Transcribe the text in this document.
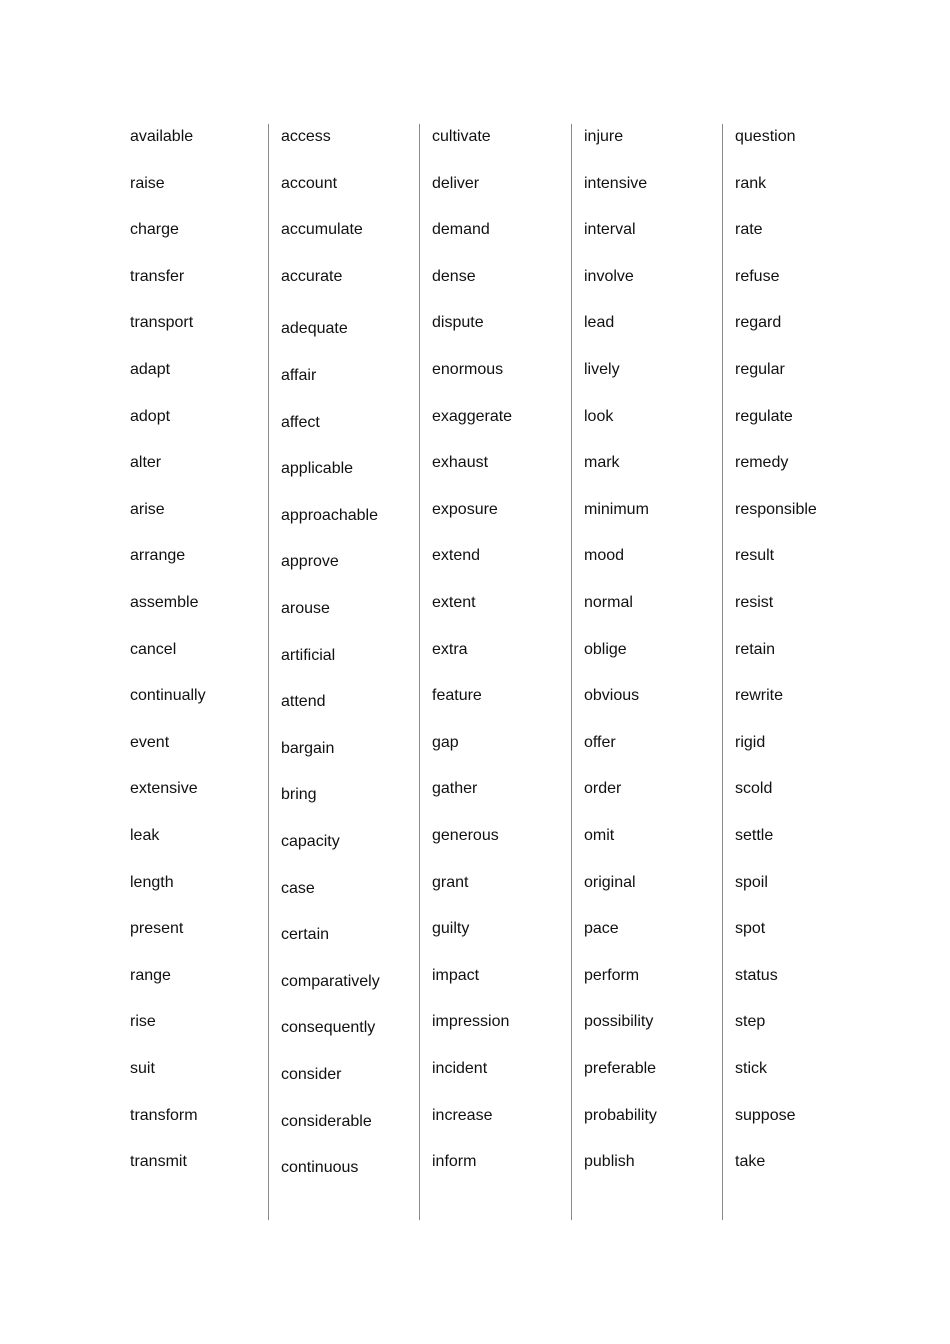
available
raise
charge
transfer
transport
adapt
adopt
alter
arise
arrange
assemble
cancel
continually
event
extensive
leak
length
present
range
rise
suit
transform
transmit
access
account
accumulate
accurate
adequate
affair
affect
applicable
approachable
approve
arouse
artificial
attend
bargain
bring
capacity
case
certain
comparatively
consequently
consider
considerable
continuous
cultivate
deliver
demand
dense
dispute
enormous
exaggerate
exhaust
exposure
extend
extent
extra
feature
gap
gather
generous
grant
guilty
impact
impression
incident
increase
inform
injure
intensive
interval
involve
lead
lively
look
mark
minimum
mood
normal
oblige
obvious
offer
order
omit
original
pace
perform
possibility
preferable
probability
publish
question
rank
rate
refuse
regard
regular
regulate
remedy
responsible
result
resist
retain
rewrite
rigid
scold
settle
spoil
spot
status
step
stick
suppose
take
